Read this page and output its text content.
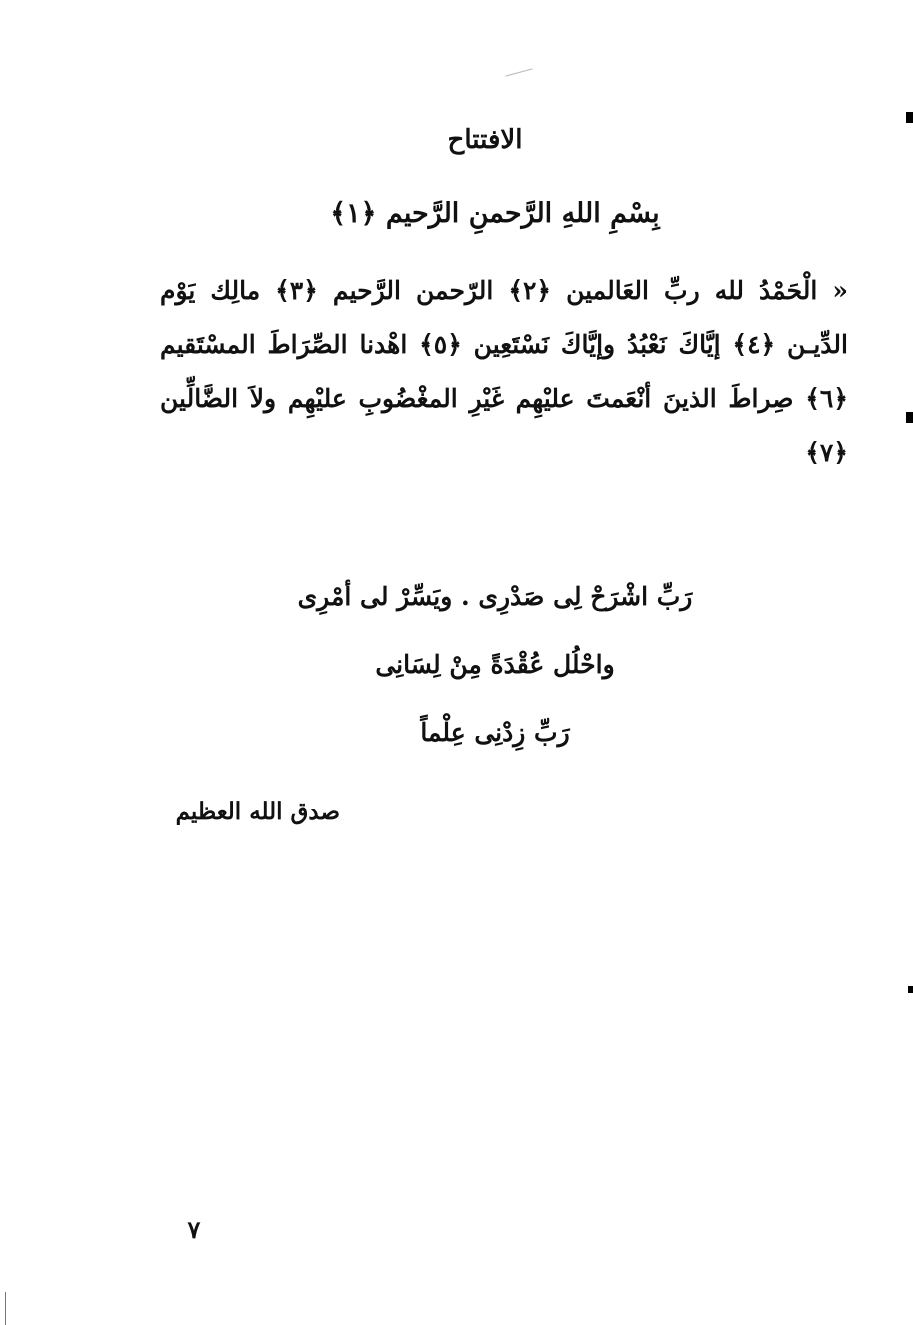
الافتتاح
بِسْمِ اللهِ الرَّحمنِ الرَّحيم ﴿١﴾
« الْحَمْدُ لله ربِّ العَالمين ﴿٢﴾ الرّحمن الرَّحيم ﴿٣﴾ مالِك يَوْم الدِّيـن ﴿٤﴾ إيَّاكَ نَعْبُدُ وإيَّاكَ نَسْتَعِين ﴿٥﴾ اهْدنا الصِّرَاطَ المسْتَقيم ﴿٦﴾ صِراطَ الذينَ أنْعَمتَ عليْهِم غَيْرِ المغْضُوبِ عليْهِم ولاَ الضَّالِّين ﴿٧﴾
رَبِّ اشْرَحْ لِى صَدْرِى . ويَسِّرْ لى أمْرِى
واحْلُل عُقْدَةً مِنْ لِسَانِى
رَبِّ زِدْنِى عِلْماً
صدق الله العظيم
٧
